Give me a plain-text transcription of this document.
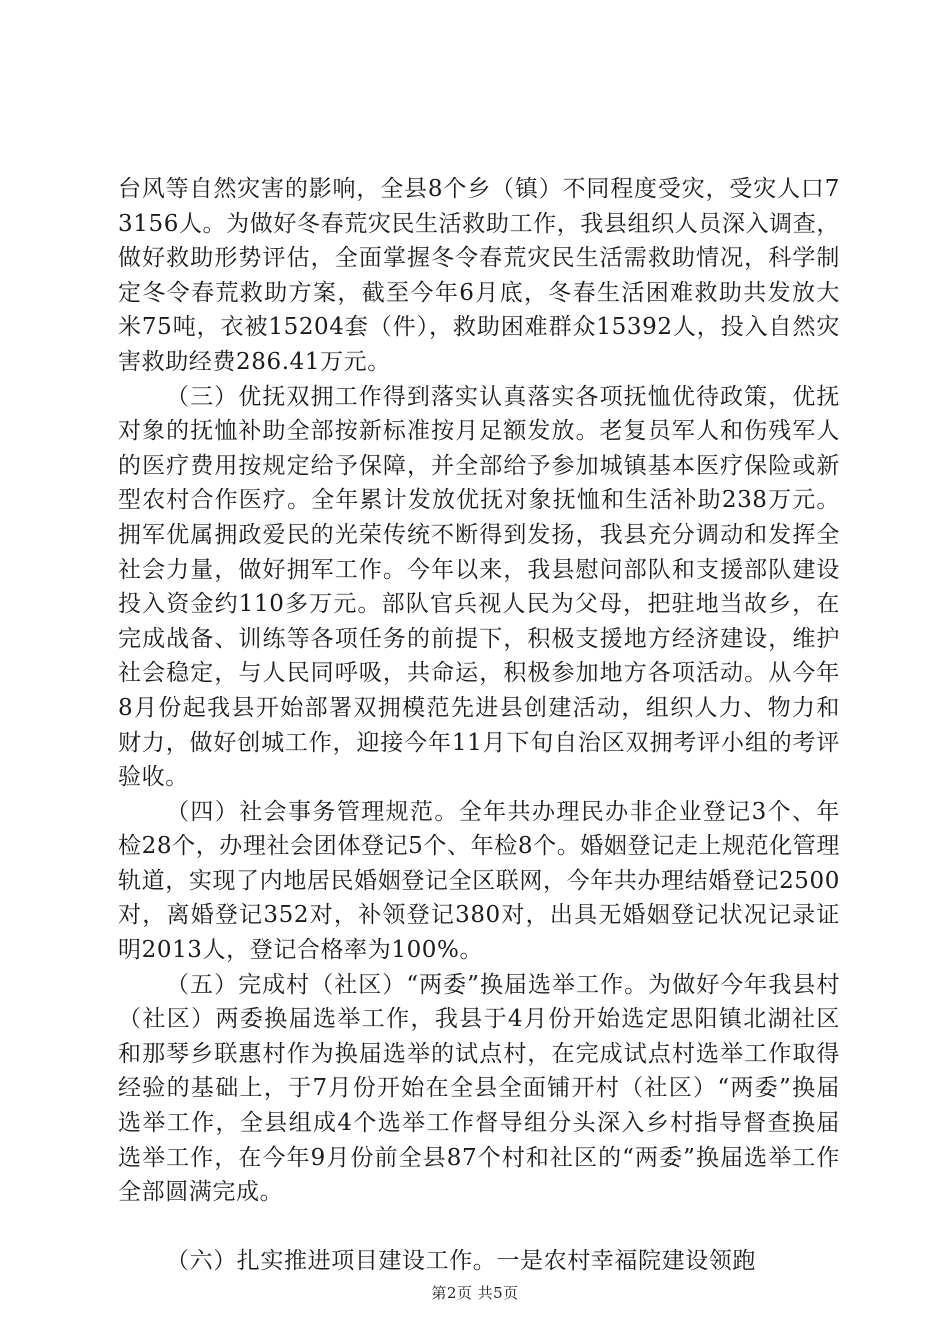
台风等自然灾害的影响，全县8个乡（镇）不同程度受灾，受灾人口73156人。为做好冬春荒灾民生活救助工作，我县组织人员深入调查，做好救助形势评估，全面掌握冬令春荒灾民生活需救助情况，科学制定冬令春荒救助方案，截至今年6月底，冬春生活困难救助共发放大米75吨，衣被15204套（件），救助困难群众15392人，投入自然灾害救助经费286.41万元。

（三）优抚双拥工作得到落实认真落实各项抚恤优待政策，优抚对象的抚恤补助全部按新标准按月足额发放。老复员军人和伤残军人的医疗费用按规定给予保障，并全部给予参加城镇基本医疗保险或新型农村合作医疗。全年累计发放优抚对象抚恤和生活补助238万元。拥军优属拥政爱民的光荣传统不断得到发扬，我县充分调动和发挥全社会力量，做好拥军工作。今年以来，我县慰问部队和支援部队建设投入资金约110多万元。部队官兵视人民为父母，把驻地当故乡，在完成战备、训练等各项任务的前提下，积极支援地方经济建设，维护社会稳定，与人民同呼吸，共命运，积极参加地方各项活动。从今年8月份起我县开始部署双拥模范先进县创建活动，组织人力、物力和财力，做好创城工作，迎接今年11月下旬自治区双拥考评小组的考评验收。

（四）社会事务管理规范。全年共办理民办非企业登记3个、年检28个，办理社会团体登记5个、年检8个。婚姻登记走上规范化管理轨道，实现了内地居民婚姻登记全区联网，今年共办理结婚登记2500对，离婚登记352对，补领登记380对，出具无婚姻登记状况记录证明2013人，登记合格率为100%。

（五）完成村（社区）“两委”换届选举工作。为做好今年我县村（社区）两委换届选举工作，我县于4月份开始选定思阳镇北湖社区和那琴乡联惠村作为换届选举的试点村，在完成试点村选举工作取得经验的基础上，于7月份开始在全县全面铺开村（社区）“两委”换届选举工作，全县组成4个选举工作督导组分头深入乡村指导督查换届选举工作，在今年9月份前全县87个村和社区的“两委”换届选举工作全部圆满完成。

（六）扎实推进项目建设工作。一是农村幸福院建设领跑

第2页 共5页
